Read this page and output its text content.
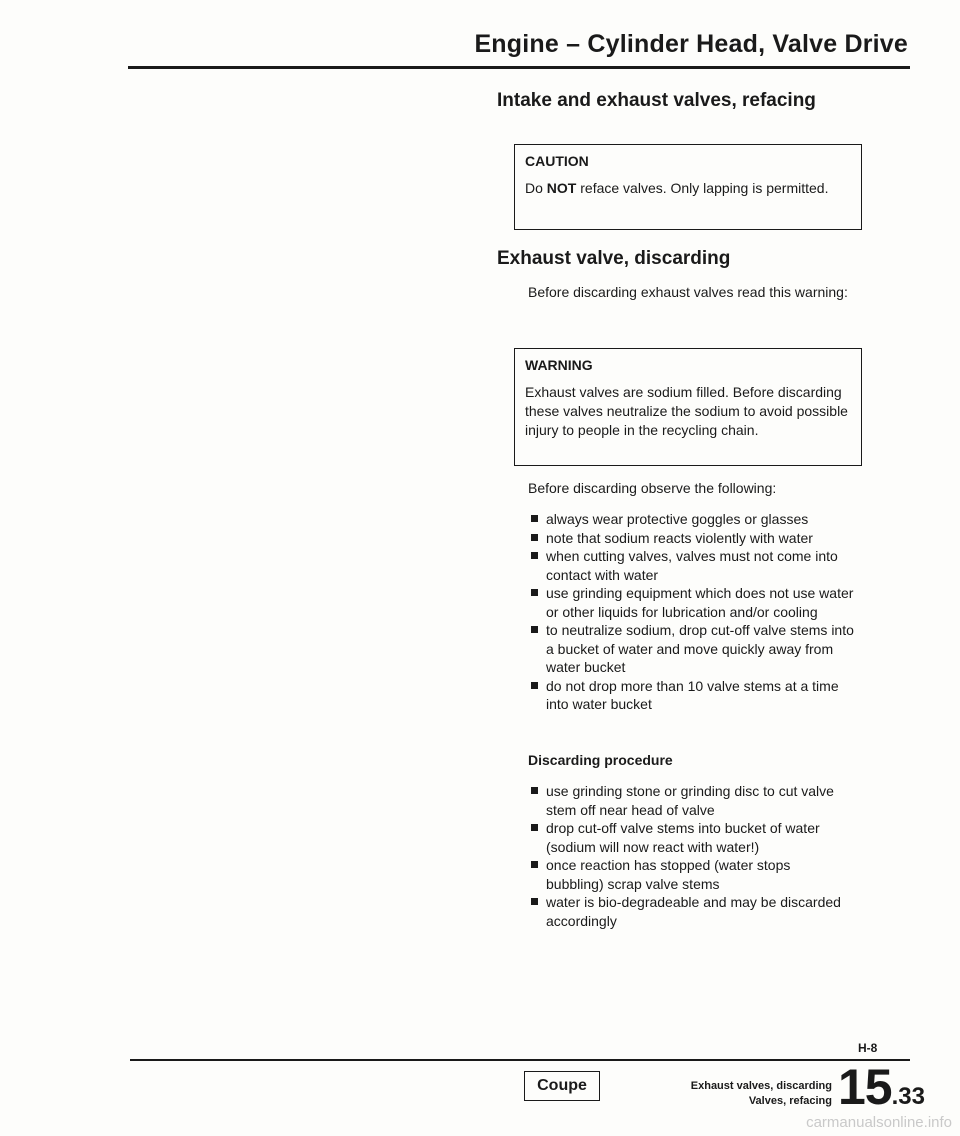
Engine – Cylinder Head, Valve Drive
Intake and exhaust valves, refacing
CAUTION
Do NOT reface valves. Only lapping is permitted.
Exhaust valve, discarding
Before discarding exhaust valves read this warning:
WARNING
Exhaust valves are sodium filled. Before discarding these valves neutralize the sodium to avoid possible injury to people in the recycling chain.
Before discarding observe the following:
always wear protective goggles or glasses
note that sodium reacts violently with water
when cutting valves, valves must not come into contact with water
use grinding equipment which does not use water or other liquids for lubrication and/or cooling
to neutralize sodium, drop cut-off valve stems into a bucket of water and move quickly away from water bucket
do not drop more than 10 valve stems at a time into water bucket
Discarding procedure
use grinding stone or grinding disc to cut valve stem off near head of valve
drop cut-off valve stems into bucket of water (sodium will now react with water!)
once reaction has stopped (water stops bubbling) scrap valve stems
water is bio-degradeable and may be discarded accordingly
H-8
Coupe	Exhaust valves, discarding
Valves, refacing 15.33
carmanualsonline.info
